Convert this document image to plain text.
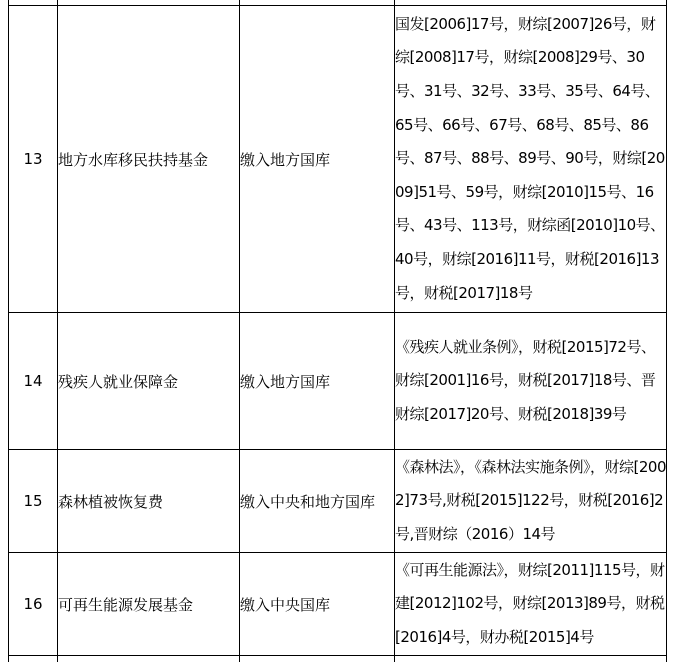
13	地方水库移民扶持基金	缴入地方国库	国发[2006]17号，财综[2007]26号，财综[2008]17号，财综[2008]29号、30号、31号、32号、33号、35号、64号、65号、66号、67号、68号、85号、86号、87号、88号、89号、90号，财综[2009]51号、59号，财综[2010]15号、16号、43号、113号，财综函[2010]10号、40号，财综[2016]11号，财税[2016]13号，财税[2017]18号
14	残疾人就业保障金	缴入地方国库	《残疾人就业条例》，财税[2015]72号、财综[2001]16号，财税[2017]18号、晋财综[2017]20号、财税[2018]39号
15	森林植被恢复费	缴入中央和地方国库	《森林法》，《森林法实施条例》，财综[2002]73号,财税[2015]122号，财税[2016]2号,晋财综（2016）14号
16	可再生能源发展基金	缴入中央国库	《可再生能源法》，财综[2011]115号，财建[2012]102号，财综[2013]89号，财税[2016]4号，财办税[2015]4号
